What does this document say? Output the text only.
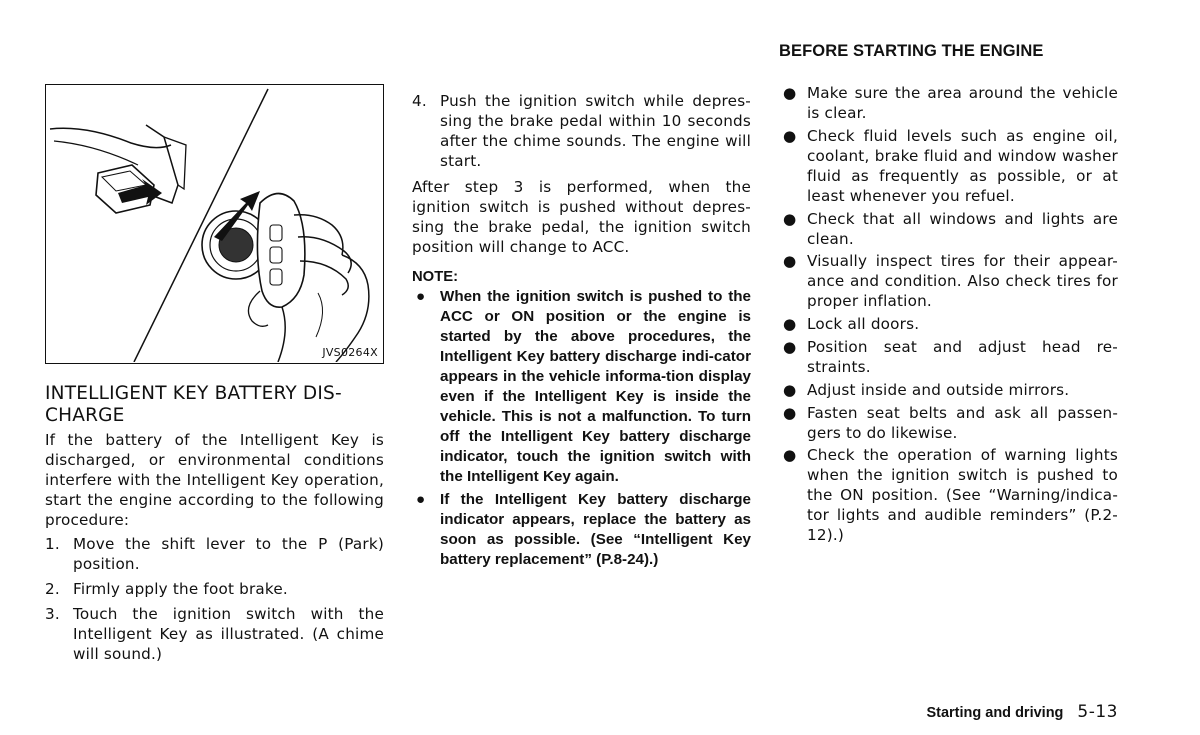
JVS0264X
INTELLIGENT KEY BATTERY DIS-
CHARGE

If the battery of the Intelligent Key is discharged, or environmental conditions interfere with the Intelligent Key operation, start the engine according to the following procedure:

1. Move the shift lever to the P (Park) position.
2. Firmly apply the foot brake.
3. Touch the ignition switch with the Intelligent Key as illustrated. (A chime will sound.)
4. Push the ignition switch while depres-sing the brake pedal within 10 seconds after the chime sounds. The engine will start.

After step 3 is performed, when the ignition switch is pushed without depres-sing the brake pedal, the ignition switch position will change to ACC.

NOTE:

● When the ignition switch is pushed to the ACC or ON position or the engine is started by the above procedures, the Intelligent Key battery discharge indi-cator appears in the vehicle informa-tion display even if the Intelligent Key is inside the vehicle. This is not a malfunction. To turn off the Intelligent Key battery discharge indicator, touch the ignition switch with the Intelligent Key again.
● If the Intelligent Key battery discharge indicator appears, replace the battery as soon as possible. (See “Intelligent Key battery replacement” (P.8-24).)
BEFORE STARTING THE ENGINE
● Make sure the area around the vehicle is clear.
● Check fluid levels such as engine oil, coolant, brake fluid and window washer fluid as frequently as possible, or at least whenever you refuel.
● Check that all windows and lights are clean.
● Visually inspect tires for their appear-ance and condition. Also check tires for proper inflation.
● Lock all doors.
● Position seat and adjust head re-straints.
● Adjust inside and outside mirrors.
● Fasten seat belts and ask all passen-gers to do likewise.
● Check the operation of warning lights when the ignition switch is pushed to the ON position. (See “Warning/indica-tor lights and audible reminders” (P.2-12).)
Starting and driving 5-13
